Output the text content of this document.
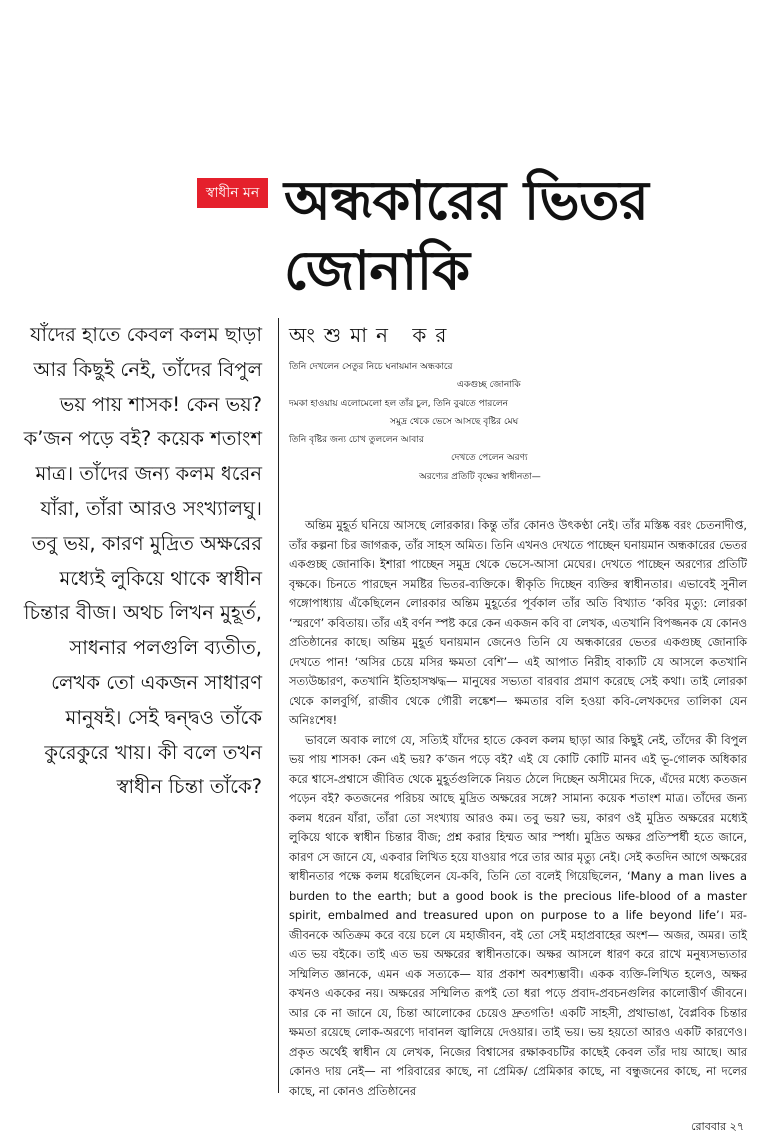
স্বাধীন মন অন্ধকারের ভিতর জোনাকি

যাঁদের হাতে কেবল কলম ছাড়া আর কিছুই নেই, তাঁদের বিপুল ভয় পায় শাসক! কেন ভয়? ক’জন পড়ে বই? কয়েক শতাংশ মাত্র। তাঁদের জন্য কলম ধরেন যাঁরা, তাঁরা আরও সংখ্যালঘু। তবু ভয়, কারণ মুদ্রিত অক্ষরের মধ্যেই লুকিয়ে থাকে স্বাধীন চিন্তার বীজ। অথচ লিখন মুহূর্ত, সাধনার পলগুলি ব্যতীত, লেখক তো একজন সাধারণ মানুষই। সেই দ্বন্দ্বও তাঁকে কুরেকুরে খায়। কী বলে তখন স্বাধীন চিন্তা তাঁকে?

অংশুমান কর
তিনি দেখলেন সেতুর নিচে ঘনায়মান অন্ধকারে
একগুচ্ছ জোনাকি
দমকা হাওয়ায় এলোমেলো হল তাঁর চুল, তিনি বুঝতে পারলেন
সমুদ্র থেকে ভেসে আসছে বৃষ্টির মেঘ
তিনি বৃষ্টির জন্য চোখ তুললেন আবার
দেখতে পেলেন অরণ্য
অরণ্যের প্রতিটি বৃক্ষের স্বাধীনতা—

অন্তিম মুহূর্ত ঘনিয়ে আসছে লোরকার। কিন্তু তাঁর কোনও উৎকণ্ঠা নেই। তাঁর মস্তিষ্ক বরং চেতনাদীপ্ত, তাঁর কল্পনা চির জাগরূক, তাঁর সাহস অমিত। তিনি এখনও দেখতে পাচ্ছেন ঘনায়মান অন্ধকারের ভেতর একগুচ্ছ জোনাকি। ইশারা পাচ্ছেন সমুদ্র থেকে ভেসে-আসা মেঘের। দেখতে পাচ্ছেন অরণ্যের প্রতিটি বৃক্ষকে। চিনতে পারছেন সমষ্টির ভিতর-ব্যক্তিকে। স্বীকৃতি দিচ্ছেন ব্যক্তির স্বাধীনতার। এভাবেই সুনীল গঙ্গোপাধ্যায় এঁকেছিলেন লোরকার অন্তিম মুহূর্তের পূর্বকাল তাঁর অতি বিখ্যাত ‘কবির মৃত্যু: লোরকা ‘স্মরণে’ কবিতায়। তাঁর এই বর্ণন স্পষ্ট করে কেন একজন কবি বা লেখক, এতখানি বিপজ্জনক যে কোনও প্রতিষ্ঠানের কাছে। অন্তিম মুহূর্ত ঘনায়মান জেনেও তিনি যে অন্ধকারের ভেতর একগুচ্ছ জোনাকি দেখতে পান! ‘অসির চেয়ে মসির ক্ষমতা বেশি’— এই আপাত নিরীহ বাক্যটি যে আসলে কতখানি সত্যউচ্চারণ, কতখানি ইতিহাসঋদ্ধ— মানুষের সভ্যতা বারবার প্রমাণ করেছে সেই কথা। তাই লোরকা থেকে কালবুর্গি, রাজীব থেকে গৌরী লঙ্কেশ— ক্ষমতার বলি হওয়া কবি-লেখকদের তালিকা যেন অনিঃশেষ!

ভাবলে অবাক লাগে যে, সত্যিই যাঁদের হাতে কেবল কলম ছাড়া আর কিছুই নেই, তাঁদের কী বিপুল ভয় পায় শাসক! কেন এই ভয়? ক’জন পড়ে বই? এই যে কোটি কোটি মানব এই ভূ-গোলক অধিকার করে শ্বাসে-প্রশ্বাসে জীবিত থেকে মুহূর্তগুলিকে নিয়ত ঠেলে দিচ্ছেন অসীমের দিকে, এঁদের মধ্যে কতজন পড়েন বই? কতজনের পরিচয় আছে মুদ্রিত অক্ষরের সঙ্গে? সামান্য কয়েক শতাংশ মাত্র। তাঁদের জন্য কলম ধরেন যাঁরা, তাঁরা তো সংখ্যায় আরও কম। তবু ভয়? ভয়, কারণ ওই মুদ্রিত অক্ষরের মধ্যেই লুকিয়ে থাকে স্বাধীন চিন্তার বীজ; প্রশ্ন করার হিম্মত আর স্পর্ধা। মুদ্রিত অক্ষর প্রতিস্পর্ধী হতে জানে, কারণ সে জানে যে, একবার লিখিত হয়ে যাওয়ার পরে তার আর মৃত্যু নেই। সেই কতদিন আগে অক্ষরের স্বাধীনতার পক্ষে কলম ধরেছিলেন যে-কবি, তিনি তো বলেই গিয়েছিলেন, ‘Many a man lives a burden to the earth; but a good book is the precious life-blood of a master spirit, embalmed and treasured upon on purpose to a life beyond life’। মর-জীবনকে অতিক্রম করে বয়ে চলে যে মহাজীবন, বই তো সেই মহাপ্রবাহের অংশ— অজর, অমর। তাই এত ভয় বইকে। তাই এত ভয় অক্ষরের স্বাধীনতাকে। অক্ষর আসলে ধারণ করে রাখে মনুষ্যসভ্যতার সম্মিলিত জ্ঞানকে, এমন এক সত্যকে— যার প্রকাশ অবশ্যম্ভাবী। একক ব্যক্তি-লিখিত হলেও, অক্ষর কখনও এককের নয়। অক্ষরের সম্মিলিত রূপই তো ধরা পড়ে প্রবাদ-প্রবচনগুলির কালোত্তীর্ণ জীবনে। আর কে না জানে যে, চিন্তা আলোকের চেয়েও দ্রুতগতি! একটি সাহসী, প্রথাভাঙা, বৈপ্লবিক চিন্তার ক্ষমতা রয়েছে লোক-অরণ্যে দাবানল জ্বালিয়ে দেওয়ার। তাই ভয়। ভয় হয়তো আরও একটি কারণেও। প্রকৃত অর্থেই স্বাধীন যে লেখক, নিজের বিশ্বাসের রক্ষাকবচটির কাছেই কেবল তাঁর দায় আছে। আর কোনও দায় নেই— না পরিবারের কাছে, না প্রেমিক/ প্রেমিকার কাছে, না বন্ধুজনের কাছে, না দলের কাছে, না কোনও প্রতিষ্ঠানের

রোববার ২৭
